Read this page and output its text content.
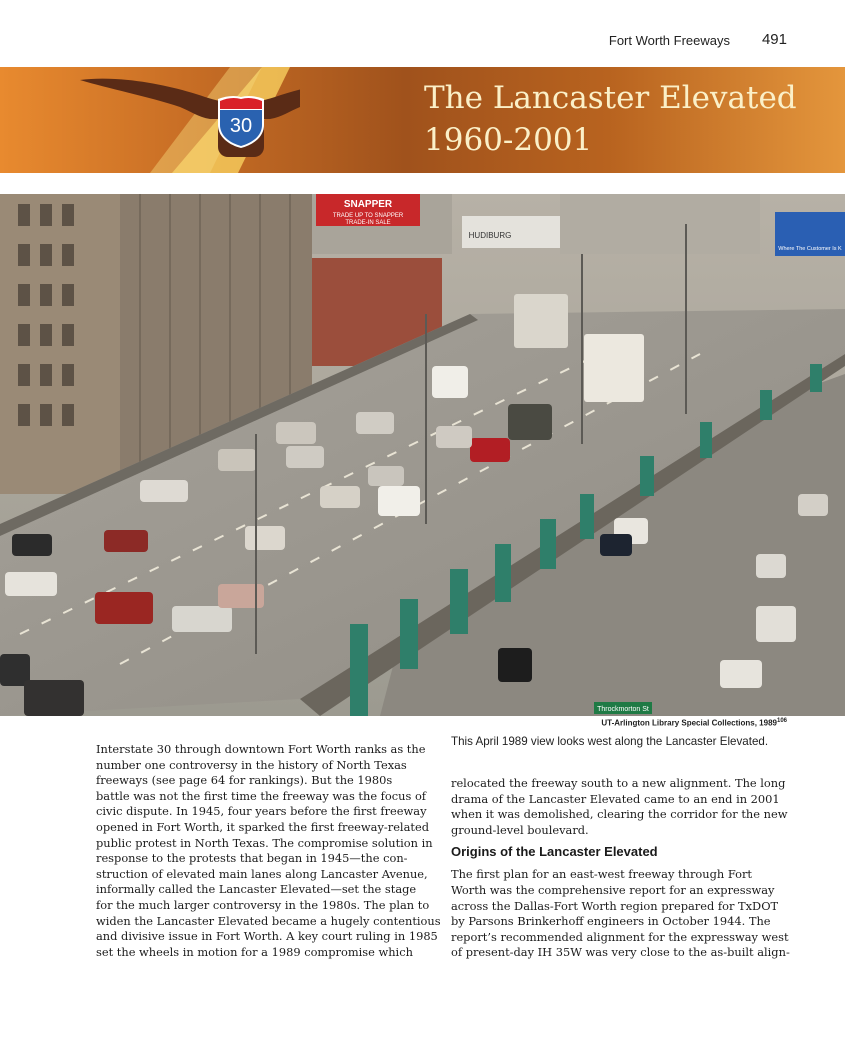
Fort Worth Freeways 491
30
The Lancaster Elevated
1960-2001
SNAPPER
TRADE UP TO SNAPPER
TRADE-IN SALE
HUDIBURG
Where The Customer Is K
Throckmorton St
UT-Arlington Library Special Collections, 1989$^{106}$
This April 1989 view looks west along the Lancaster Elevated.
Interstate 30 through downtown Fort Worth ranks as the
number one controversy in the history of North Texas
freeways (see page 64 for rankings). But the 1980s
battle was not the first time the freeway was the focus of
civic dispute. In 1945, four years before the first freeway
opened in Fort Worth, it sparked the first freeway-related
public protest in North Texas. The compromise solution in
response to the protests that began in 1945—the con-
struction of elevated main lanes along Lancaster Avenue,
informally called the Lancaster Elevated—set the stage
for the much larger controversy in the 1980s. The plan to
widen the Lancaster Elevated became a hugely contentious
and divisive issue in Fort Worth. A key court ruling in 1985
set the wheels in motion for a 1989 compromise which
relocated the freeway south to a new alignment. The long
drama of the Lancaster Elevated came to an end in 2001
when it was demolished, clearing the corridor for the new
ground-level boulevard.
Origins of the Lancaster Elevated
The first plan for an east-west freeway through Fort
Worth was the comprehensive report for an expressway
across the Dallas-Fort Worth region prepared for TxDOT
by Parsons Brinkerhoff engineers in October 1944. The
report’s recommended alignment for the expressway west
of present-day IH 35W was very close to the as-built align-
